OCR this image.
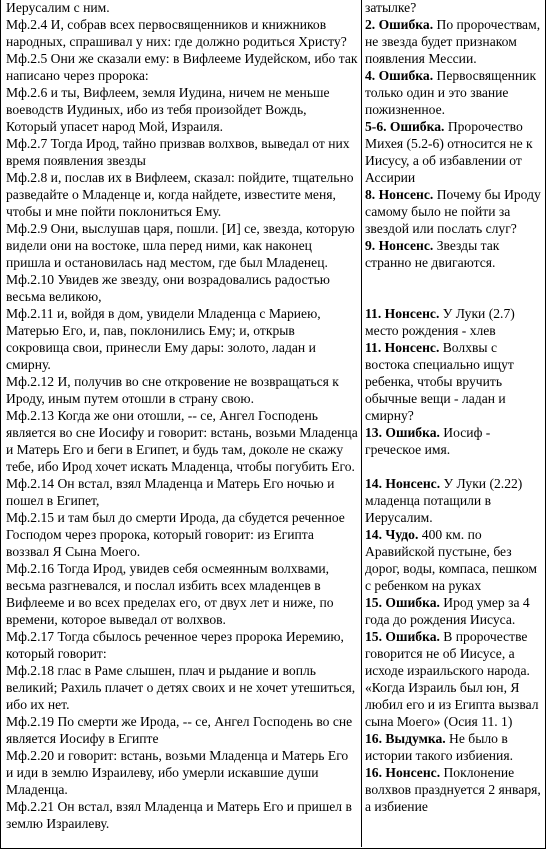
Иерусалим с ним.

Мф.2.4 И, собрав всех первосвященников и книжников народных, спрашивал у них: где должно родиться Христу?

Мф.2.5 Они же сказали ему: в Вифлееме Иудейском, ибо так написано через пророка:

Мф.2.6 и ты, Вифлеем, земля Иудина, ничем не меньше воеводств Иудиных, ибо из тебя произойдет Вождь, Который упасет народ Мой, Израиля.

Мф.2.7 Тогда Ирод, тайно призвав волхвов, выведал от них время появления звезды

Мф.2.8 и, послав их в Вифлеем, сказал: пойдите, тщательно разведайте о Младенце и, когда найдете, известите меня, чтобы и мне пойти поклониться Ему.

Мф.2.9 Они, выслушав царя, пошли. [И] се, звезда, которую видели они на востоке, шла перед ними, как наконец пришла и остановилась над местом, где был Младенец.

Мф.2.10 Увидев же звезду, они возрадовались радостью весьма великою,

Мф.2.11 и, войдя в дом, увидели Младенца с Мариею, Матерью Его, и, пав, поклонились Ему; и, открыв сокровища свои, принесли Ему дары: золото, ладан и смирну.

Мф.2.12 И, получив во сне откровение не возвращаться к Ироду, иным путем отошли в страну свою.

Мф.2.13 Когда же они отошли, -- се, Ангел Господень является во сне Иосифу и говорит: встань, возьми Младенца и Матерь Его и беги в Египет, и будь там, доколе не скажу тебе, ибо Ирод хочет искать Младенца, чтобы погубить Его.

Мф.2.14 Он встал, взял Младенца и Матерь Его ночью и пошел в Египет,

Мф.2.15 и там был до смерти Ирода, да сбудется реченное Господом через пророка, который говорит: из Египта воззвал Я Сына Моего.

Мф.2.16 Тогда Ирод, увидев себя осмеянным волхвами, весьма разгневался, и послал избить всех младенцев в Вифлееме и во всех пределах его, от двух лет и ниже, по времени, которое выведал от волхвов.

Мф.2.17 Тогда сбылось реченное через пророка Иеремию, который говорит:

Мф.2.18 глас в Раме слышен, плач и рыдание и вопль великий; Рахиль плачет о детях своих и не хочет утешиться, ибо их нет.

Мф.2.19 По смерти же Ирода, -- се, Ангел Господень во сне является Иосифу в Египте

Мф.2.20 и говорит: встань, возьми Младенца и Матерь Его и иди в землю Израилеву, ибо умерли искавшие души Младенца.

Мф.2.21 Он встал, взял Младенца и Матерь Его и пришел в землю Израилеву.

затылке?

2. Ошибка. По пророчествам, не звезда будет признаком появления Мессии.

4. Ошибка. Первосвященник только один и это звание пожизненное.

5-6. Ошибка. Пророчество Михея (5.2-6) относится не к Иисусу, а об избавлении от Ассирии

8. Нонсенс. Почему бы Ироду самому было не пойти за звездой или послать слуг?

9. Нонсенс. Звезды так странно не двигаются.

11. Нонсенс. У Луки (2.7) место рождения - хлев

11. Нонсенс. Волхвы с востока специально ищут ребенка, чтобы вручить обычные вещи - ладан и смирну?

13. Ошибка. Иосиф - греческое имя.

14. Нонсенс. У Луки (2.22) младенца потащили в Иерусалим.

14. Чудо. 400 км. по Аравийской пустыне, без дорог, воды, компаса, пешком с ребенком на руках

15. Ошибка. Ирод умер за 4 года до рождения Иисуса.

15. Ошибка. В пророчестве говорится не об Иисусе, а исходе израильского народа. «Когда Израиль был юн, Я любил его и из Египта вызвал сына Моего» (Осия 11. 1)

16. Выдумка. Не было в истории такого избиения.

16. Нонсенс. Поклонение волхвов празднуется 2 января, а избиение
